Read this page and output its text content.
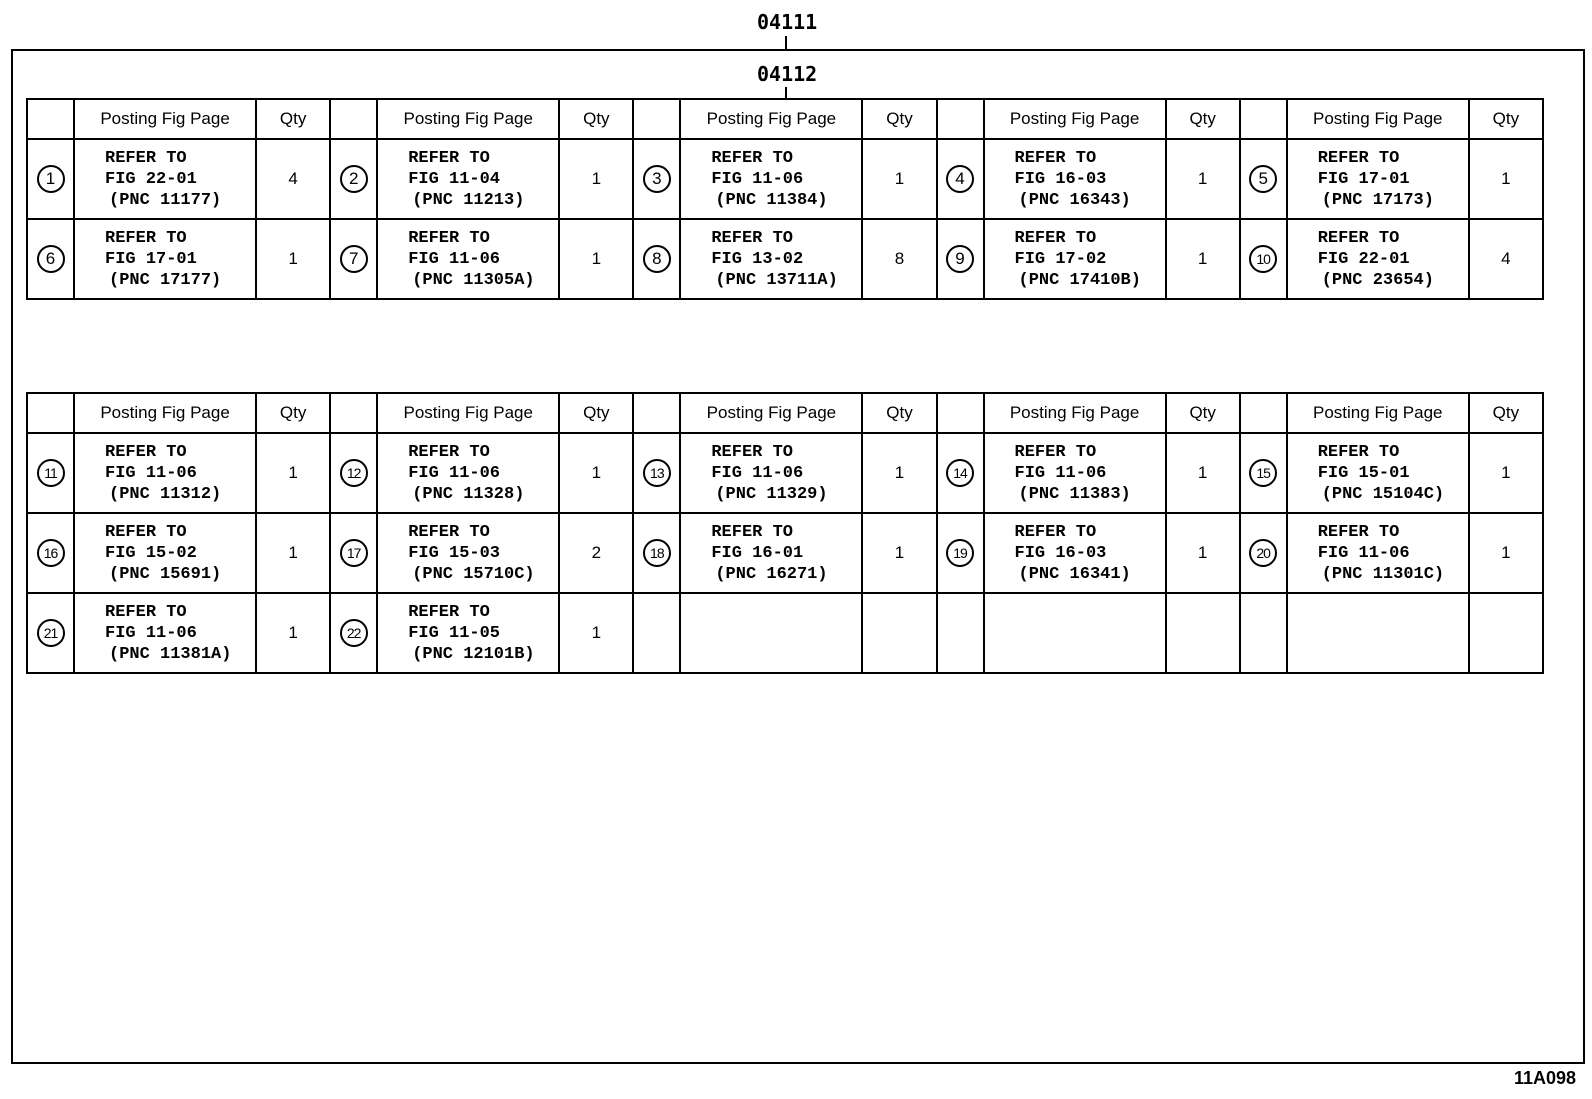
04111
04112
	Posting Fig Page	Qty		Posting Fig Page	Qty		Posting Fig Page	Qty		Posting Fig Page	Qty		Posting Fig Page	Qty
1	REFER TO
FIG 22-01
(PNC 11177)	4	2	REFER TO
FIG 11-04
(PNC 11213)	1	3	REFER TO
FIG 11-06
(PNC 11384)	1	4	REFER TO
FIG 16-03
(PNC 16343)	1	5	REFER TO
FIG 17-01
(PNC 17173)	1
6	REFER TO
FIG 17-01
(PNC 17177)	1	7	REFER TO
FIG 11-06
(PNC 11305A)	1	8	REFER TO
FIG 13-02
(PNC 13711A)	8	9	REFER TO
FIG 17-02
(PNC 17410B)	1	10	REFER TO
FIG 22-01
(PNC 23654)	4
	Posting Fig Page	Qty		Posting Fig Page	Qty		Posting Fig Page	Qty		Posting Fig Page	Qty		Posting Fig Page	Qty
11	REFER TO
FIG 11-06
(PNC 11312)	1	12	REFER TO
FIG 11-06
(PNC 11328)	1	13	REFER TO
FIG 11-06
(PNC 11329)	1	14	REFER TO
FIG 11-06
(PNC 11383)	1	15	REFER TO
FIG 15-01
(PNC 15104C)	1
16	REFER TO
FIG 15-02
(PNC 15691)	1	17	REFER TO
FIG 15-03
(PNC 15710C)	2	18	REFER TO
FIG 16-01
(PNC 16271)	1	19	REFER TO
FIG 16-03
(PNC 16341)	1	20	REFER TO
FIG 11-06
(PNC 11301C)	1
21	REFER TO
FIG 11-06
(PNC 11381A)	1	22	REFER TO
FIG 11-05
(PNC 12101B)	1									
11A098
